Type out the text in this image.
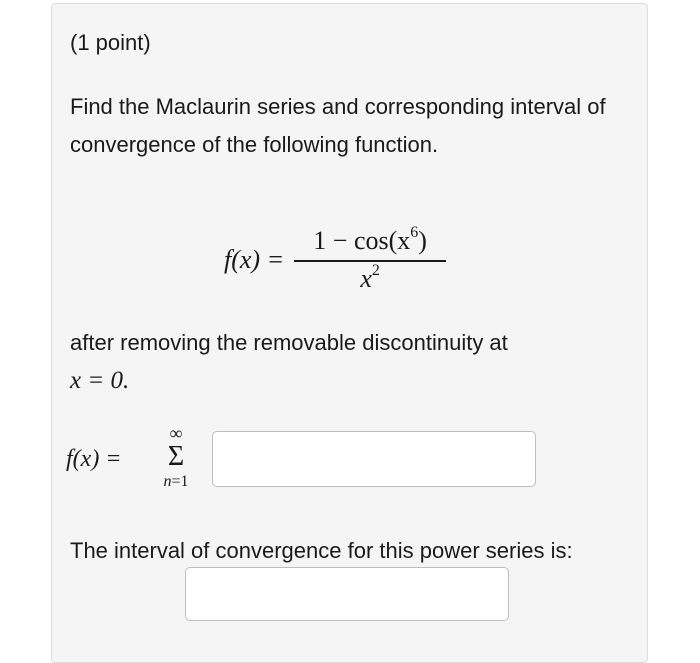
(1 point)
Find the Maclaurin series and corresponding interval of convergence of the following function.
$f(x) = \frac{1 - \cos(x^6)}{x^2}$
after removing the removable discontinuity at
x = 0.
f(x) =
∞
Σ
n=1
The interval of convergence for this power series is:
